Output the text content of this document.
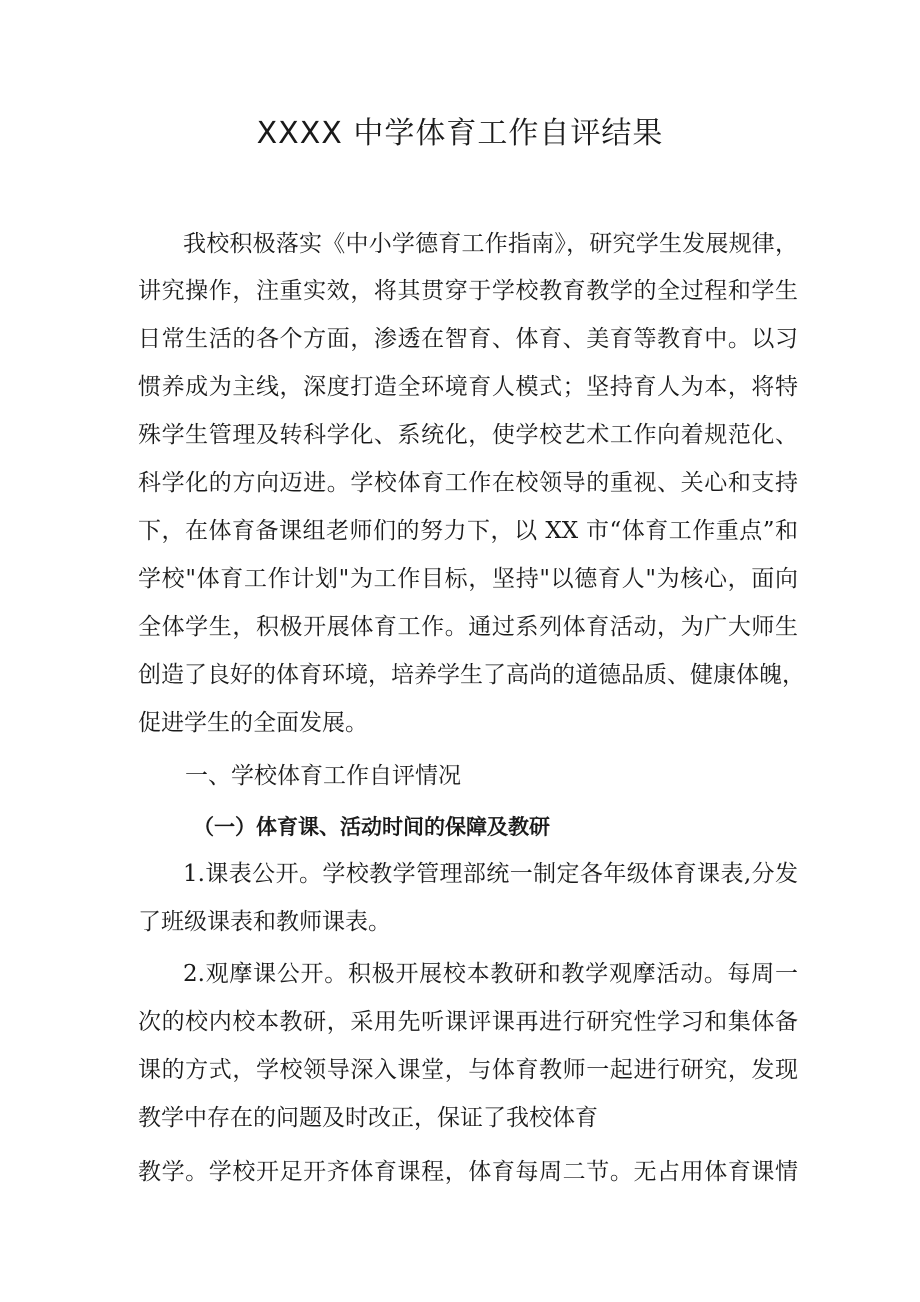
XXXX 中学体育工作自评结果

我校积极落实《中小学德育工作指南》，研究学生发展规律，

讲究操作，注重实效，将其贯穿于学校教育教学的全过程和学生

日常生活的各个方面，渗透在智育、体育、美育等教育中。以习

惯养成为主线，深度打造全环境育人模式；坚持育人为本，将特

殊学生管理及转科学化、系统化，使学校艺术工作向着规范化、

科学化的方向迈进。学校体育工作在校领导的重视、关心和支持

下，在体育备课组老师们的努力下，以 XX 市“体育工作重点”和

学校"体育工作计划"为工作目标，坚持"以德育人"为核心，面向

全体学生，积极开展体育工作。通过系列体育活动，为广大师生

创造了良好的体育环境，培养学生了高尚的道德品质、健康体魄，

促进学生的全面发展。

一、学校体育工作自评情况

（一）体育课、活动时间的保障及教研

1.课表公开。学校教学管理部统一制定各年级体育课表,分发

了班级课表和教师课表。

2.观摩课公开。积极开展校本教研和教学观摩活动。每周一

次的校内校本教研，采用先听课评课再进行研究性学习和集体备

课的方式，学校领导深入课堂，与体育教师一起进行研究，发现

教学中存在的问题及时改正，保证了我校体育

教学。学校开足开齐体育课程，体育每周二节。无占用体育课情
